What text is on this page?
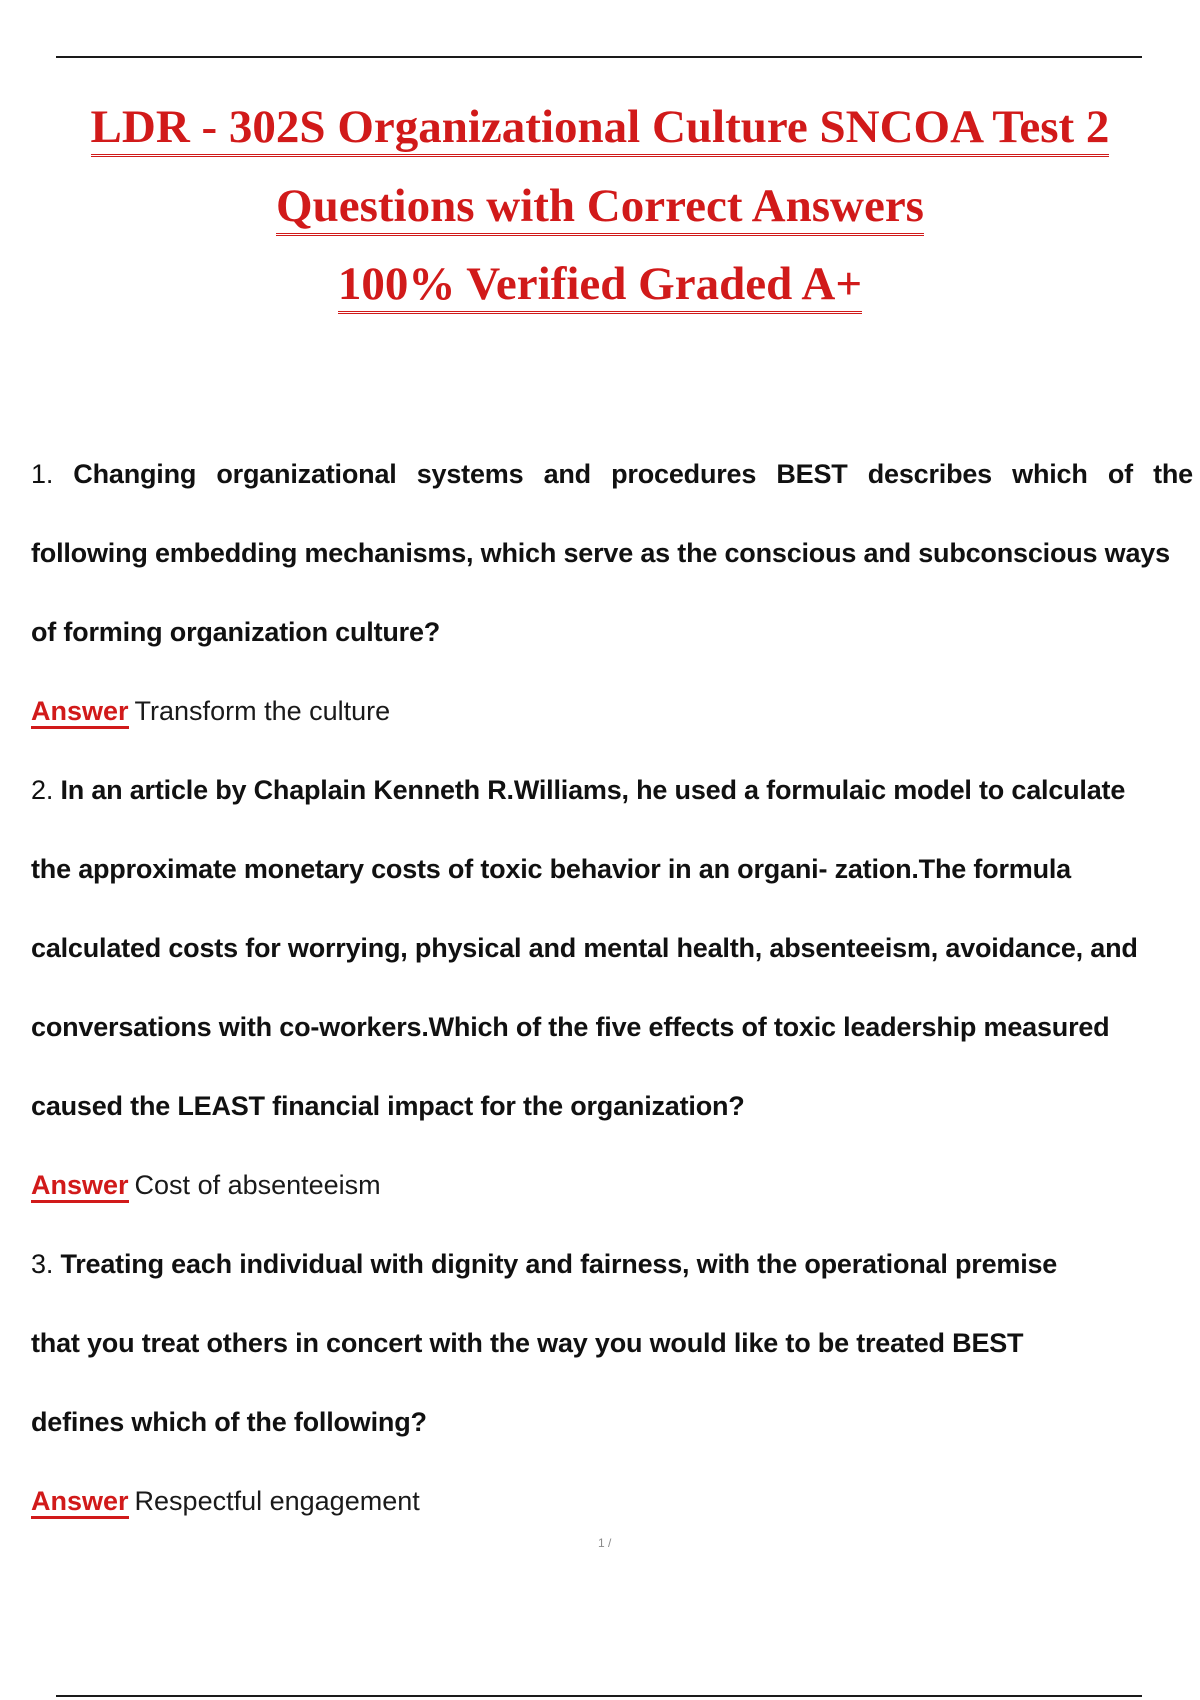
LDR - 302S Organizational Culture SNCOA Test 2
Questions with Correct Answers
100% Verified Graded A+
1. Changing organizational systems and procedures BEST describes which of the
following embedding mechanisms, which serve as the conscious and subconscious ways
of forming organization culture?
Answer Transform the culture
2. In an article by Chaplain Kenneth R.Williams, he used a formulaic model to calculate
the approximate monetary costs of toxic behavior in an organi- zation.The formula
calculated costs for worrying, physical and mental health, absenteeism, avoidance, and
conversations with co-workers.Which of the five effects of toxic leadership measured
caused the LEAST financial impact for the organization?
Answer Cost of absenteeism
3. Treating each individual with dignity and fairness, with the operational premise
that you treat others in concert with the way you would like to be treated BEST
defines which of the following?
Answer Respectful engagement
1 /
